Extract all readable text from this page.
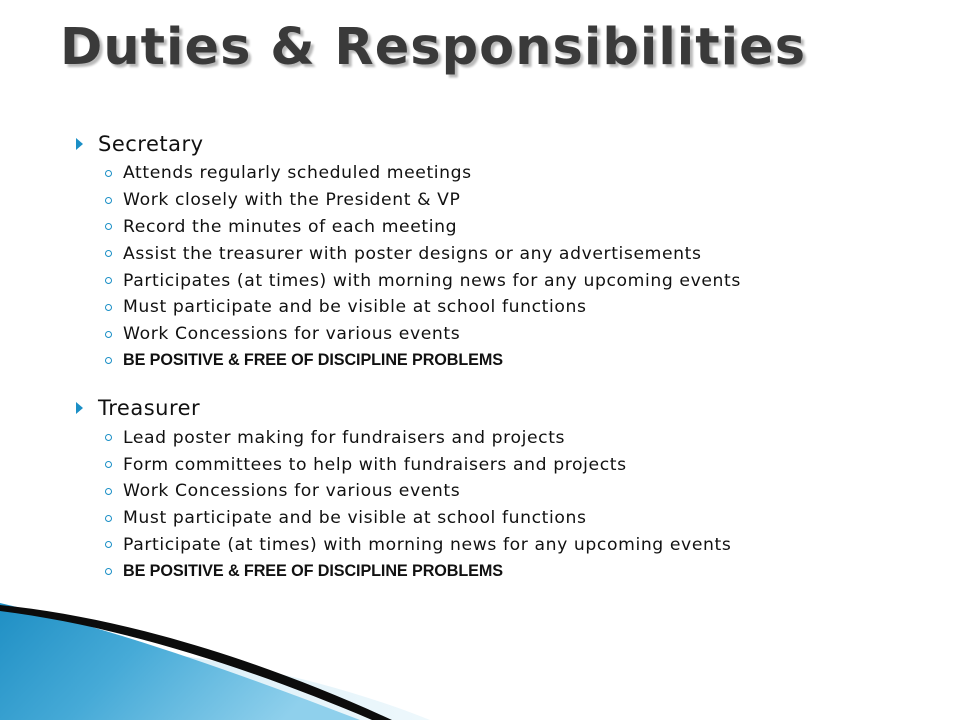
Duties & Responsibilities
Secretary
Attends regularly scheduled meetings
Work closely with the President & VP
Record the minutes of each meeting
Assist the treasurer with poster designs or any advertisements
Participates (at times) with morning news for any upcoming events
Must participate and be visible at school functions
Work Concessions for various events
BE POSITIVE & FREE OF DISCIPLINE PROBLEMS
Treasurer
Lead poster making for fundraisers and projects
Form committees to help with fundraisers and projects
Work Concessions for various events
Must participate and be visible at school functions
Participate (at times) with morning news for any upcoming events
BE POSITIVE & FREE OF DISCIPLINE PROBLEMS
